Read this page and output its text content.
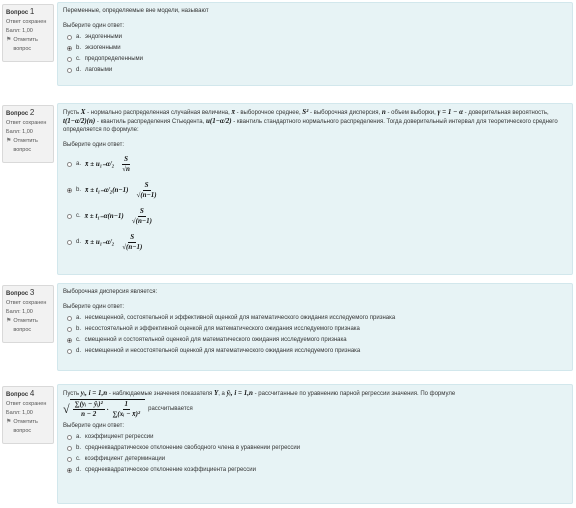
Вопрос 1
Ответ сохранен
Балл: 1,00
⚑ Отметить вопрос
Переменные, определяемые вне модели, называют
Выберите один ответ:
a. эндогенными
b. экзогенными
c. предопределенными
d. лаговыми
Вопрос 2
Ответ сохранен
Балл: 1,00
⚑ Отметить вопрос
Пусть X - нормально распределенная случайная величина, x̄ - выборочное среднее, S² - выборочная дисперсия, n - объем выборки, γ = 1 − α - доверительная вероятность, t(1−α/2)(n) - квантиль распределения Стьюдента, u(1−α/2) - квантиль стандартного нормального распределения. Тогда доверительный интервал для теоретического среднего определяется по формуле:
Выберите один ответ:
a. x̄ ± $u_{1-}\alpha/_2 \frac{S}{√n}$
b. x̄ ± $t_{1-}\alpha/_2(n-1) \frac{S}{√(n-1)}$
c. x̄ ± $t_{1-}\alpha(n-1) \frac{S}{√(n-1)}$
d. x̄ ± $u_{1-}\alpha/_2 \frac{S}{√(n-1)}$
Вопрос 3
Ответ сохранен
Балл: 1,00
⚑ Отметить вопрос
Выборочная дисперсия является:
Выберите один ответ:
a. несмещенной, состоятельной и эффективной оценкой для математического ожидания исследуемого признака
b. несостоятельной и эффективной оценкой для математического ожидания исследуемого признака
c. смещенной и состоятельной оценкой для математического ожидания исследуемого признака
d. несмещенной и несостоятельной оценкой для математического ожидания исследуемого признака
Вопрос 4
Ответ сохранен
Балл: 1,00
⚑ Отметить вопрос
Пусть yᵢ, i = 1,n - наблюдаемые значения показателя Y, а ŷᵢ, i = 1,n - рассчитанные по уравнению парной регрессии значения. По формуле
√ $\frac{\text{∑(yᵢ − ŷᵢ)²}}{n - 2} \cdot \frac{1}{\text{∑(xᵢ − x̄)²}}$ рассчитывается
Выберите один ответ:
a. коэффициент регрессии
b. среднеквадратическое отклонение свободного члена в уравнении регрессии
c. коэффициент детерминации
d. среднеквадратическое отклонение коэффициента регрессии
